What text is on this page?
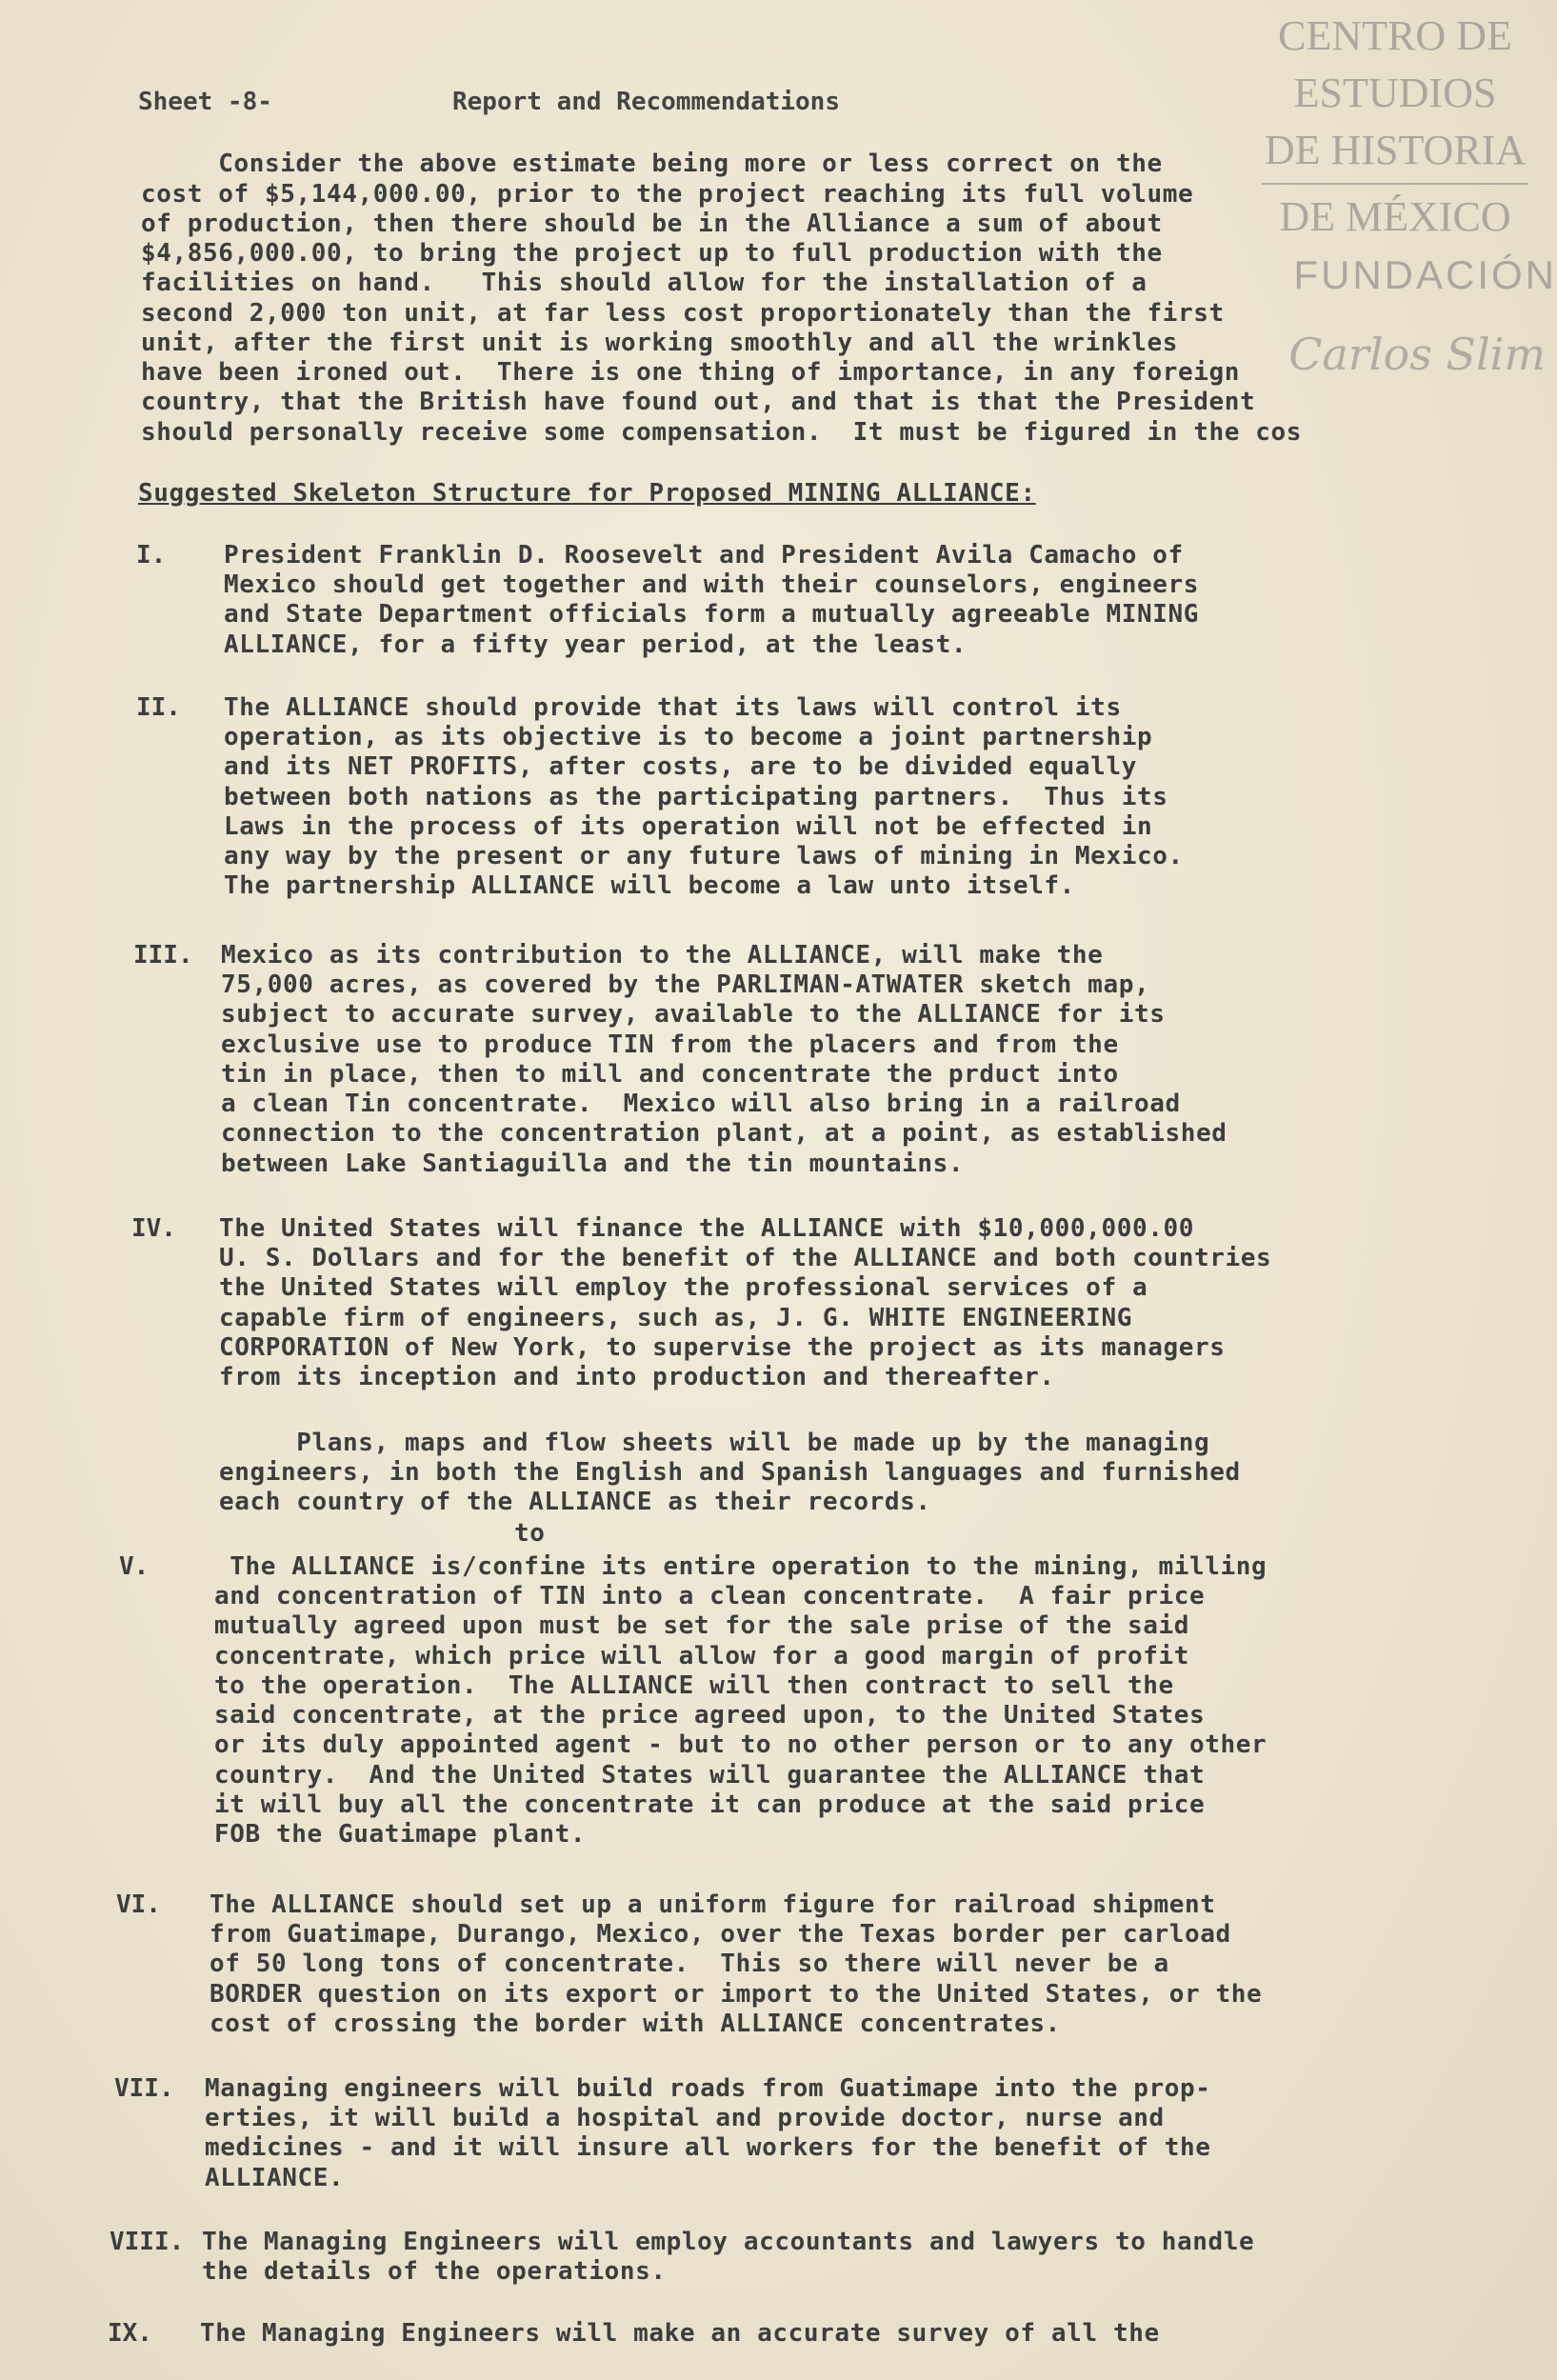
CENTRO DE
ESTUDIOS
DE HISTORIA
DE MÉXICO
FUNDACIÓN
Carlos Slim
Sheet -8-	Report and Recommendations
Consider the above estimate being more or less correct on the
cost of $5,144,000.00, prior to the project reaching its full volume
of production, then there should be in the Alliance a sum of about
$4,856,000.00, to bring the project up to full production with the
facilities on hand.   This should allow for the installation of a
second 2,000 ton unit, at far less cost proportionately than the first
unit, after the first unit is working smoothly and all the wrinkles
have been ironed out.  There is one thing of importance, in any foreign
country, that the British have found out, and that is that the President
should personally receive some compensation.  It must be figured in the cos
Suggested Skeleton Structure for Proposed MINING ALLIANCE:
I. President Franklin D. Roosevelt and President Avila Camacho of
Mexico should get together and with their counselors, engineers
and State Department officials form a mutually agreeable MINING
ALLIANCE, for a fifty year period, at the least.
II. The ALLIANCE should provide that its laws will control its
operation, as its objective is to become a joint partnership
and its NET PROFITS, after costs, are to be divided equally
between both nations as the participating partners.  Thus its
Laws in the process of its operation will not be effected in
any way by the present or any future laws of mining in Mexico.
The partnership ALLIANCE will become a law unto itself.
III. Mexico as its contribution to the ALLIANCE, will make the
75,000 acres, as covered by the PARLIMAN-ATWATER sketch map,
subject to accurate survey, available to the ALLIANCE for its
exclusive use to produce TIN from the placers and from the
tin in place, then to mill and concentrate the prduct into
a clean Tin concentrate.  Mexico will also bring in a railroad
connection to the concentration plant, at a point, as established
between Lake Santiaguilla and the tin mountains.
IV. The United States will finance the ALLIANCE with $10,000,000.00
U. S. Dollars and for the benefit of the ALLIANCE and both countries
the United States will employ the professional services of a
capable firm of engineers, such as, J. G. WHITE ENGINEERING
CORPORATION of New York, to supervise the project as its managers
from its inception and into production and thereafter.
Plans, maps and flow sheets will be made up by the managing
engineers, in both the English and Spanish languages and furnished
each country of the ALLIANCE as their records.
to
V.	The ALLIANCE is/confine its entire operation to the mining, milling
and concentration of TIN into a clean concentrate.  A fair price
mutually agreed upon must be set for the sale prise of the said
concentrate, which price will allow for a good margin of profit
to the operation.  The ALLIANCE will then contract to sell the
said concentrate, at the price agreed upon, to the United States
or its duly appointed agent - but to no other person or to any other
country.  And the United States will guarantee the ALLIANCE that
it will buy all the concentrate it can produce at the said price
FOB the Guatimape plant.
VI. The ALLIANCE should set up a uniform figure for railroad shipment
from Guatimape, Durango, Mexico, over the Texas border per carload
of 50 long tons of concentrate.  This so there will never be a
BORDER question on its export or import to the United States, or the
cost of crossing the border with ALLIANCE concentrates.
VII. Managing engineers will build roads from Guatimape into the prop-
erties, it will build a hospital and provide doctor, nurse and
medicines - and it will insure all workers for the benefit of the
ALLIANCE.
VIII. The Managing Engineers will employ accountants and lawyers to handle
the details of the operations.
IX. The Managing Engineers will make an accurate survey of all the
